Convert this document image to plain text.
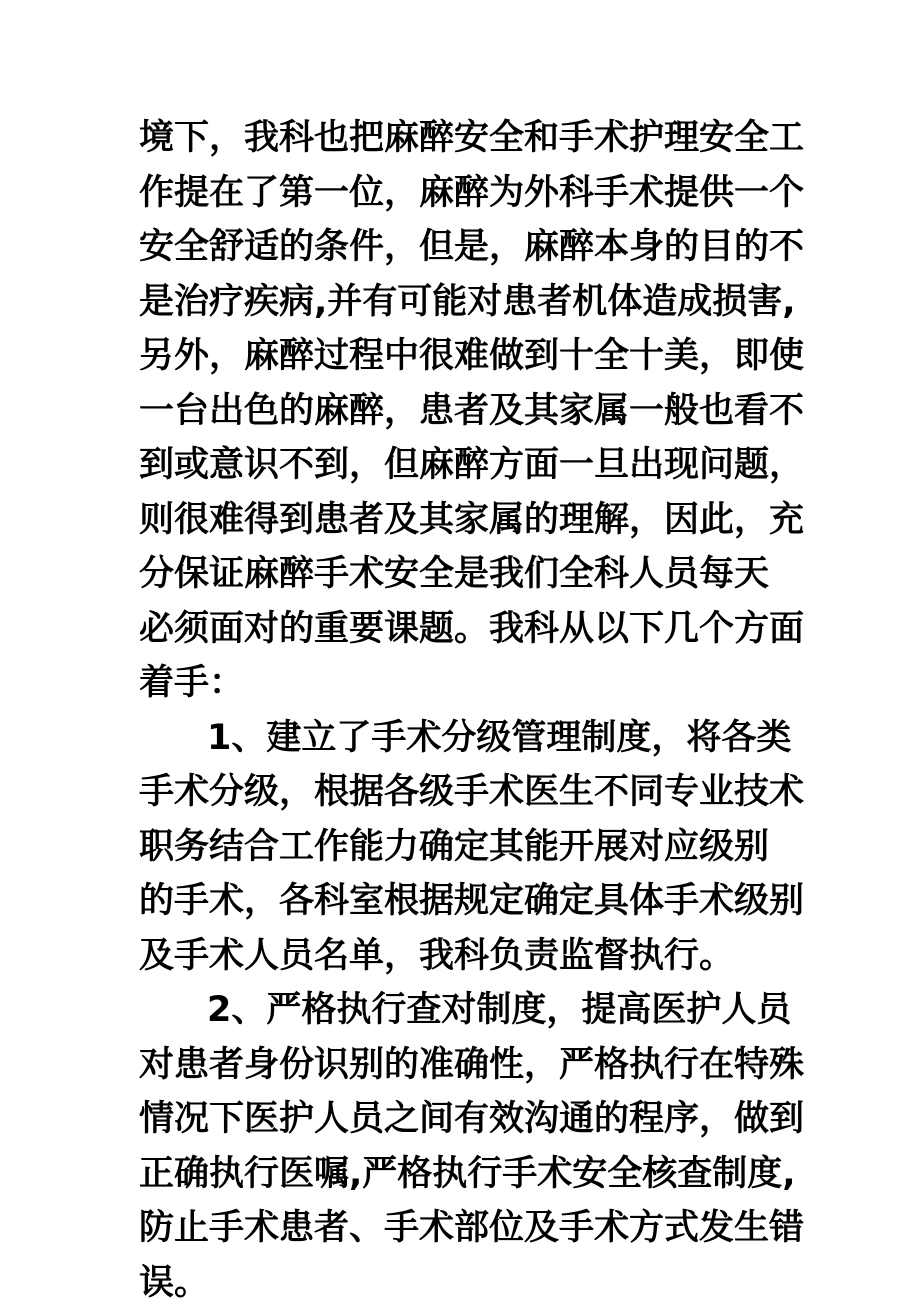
境下，我科也把麻醉安全和手术护理安全工
作提在了第一位，麻醉为外科手术提供一个
安全舒适的条件，但是，麻醉本身的目的不
是治疗疾病,并有可能对患者机体造成损害,
另外，麻醉过程中很难做到十全十美，即使
一台出色的麻醉，患者及其家属一般也看不
到或意识不到，但麻醉方面一旦出现问题，
则很难得到患者及其家属的理解，因此，充
分保证麻醉手术安全是我们全科人员每天
必须面对的重要课题。我科从以下几个方面
着手：
1、建立了手术分级管理制度，将各类
手术分级，根据各级手术医生不同专业技术
职务结合工作能力确定其能开展对应级别
的手术，各科室根据规定确定具体手术级别
及手术人员名单，我科负责监督执行。
2、严格执行查对制度，提高医护人员
对患者身份识别的准确性，严格执行在特殊
情况下医护人员之间有效沟通的程序，做到
正确执行医嘱,严格执行手术安全核查制度,
防止手术患者、手术部位及手术方式发生错
误。
